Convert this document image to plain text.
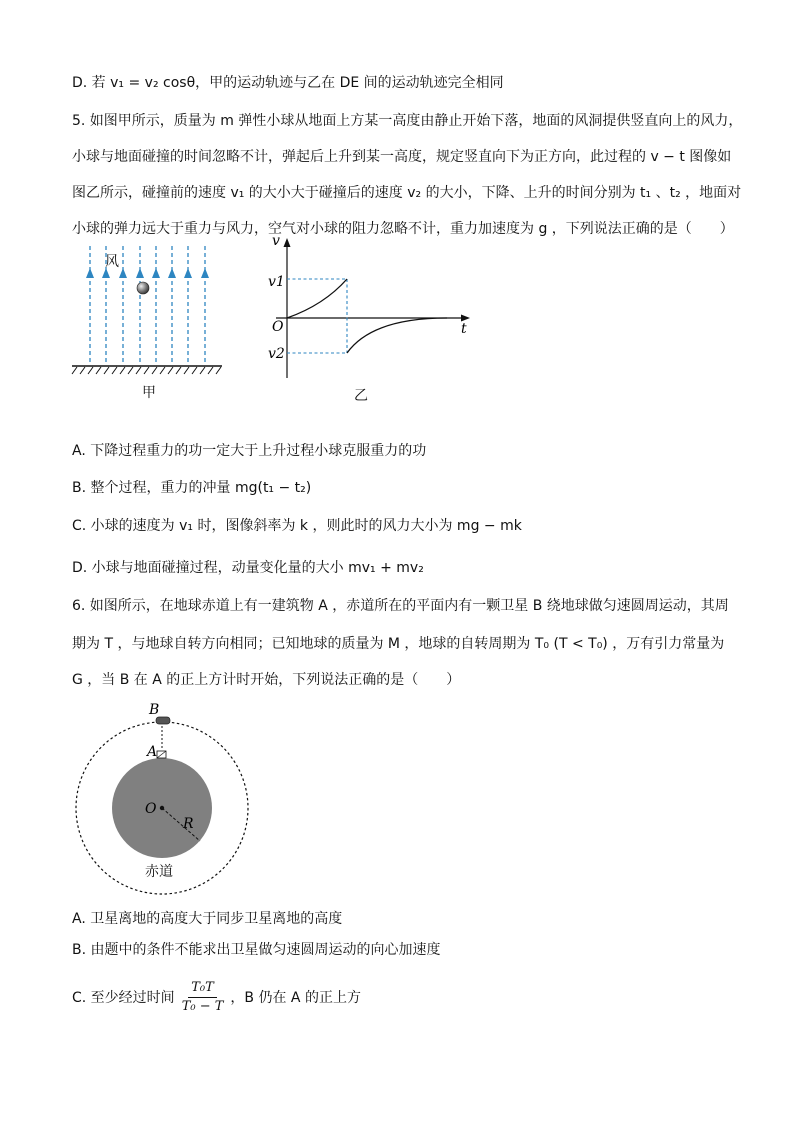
D. 若 v₁ = v₂ cosθ，甲的运动轨迹与乙在 DE 间的运动轨迹完全相同
5. 如图甲所示，质量为 m 弹性小球从地面上方某一高度由静止开始下落，地面的风洞提供竖直向上的风力，
小球与地面碰撞的时间忽略不计，弹起后上升到某一高度，规定竖直向下为正方向，此过程的 v − t 图像如
图乙所示，碰撞前的速度 v₁ 的大小大于碰撞后的速度 v₂ 的大小，下降、上升的时间分别为 t₁ 、t₂ ，地面对
小球的弹力远大于重力与风力，空气对小球的阻力忽略不计，重力加速度为 g ，下列说法正确的是（　　）
风
甲
v
t
O
v1
v2
乙
A. 下降过程重力的功一定大于上升过程小球克服重力的功
B. 整个过程，重力的冲量 mg(t₁ − t₂)
C. 小球的速度为 v₁ 时，图像斜率为 k ，则此时的风力大小为 mg − mk
D. 小球与地面碰撞过程，动量变化量的大小 mv₁ + mv₂
6. 如图所示，在地球赤道上有一建筑物 A ，赤道所在的平面内有一颗卫星 B 绕地球做匀速圆周运动，其周
期为 T ，与地球自转方向相同；已知地球的质量为 M ，地球的自转周期为 T₀ (T < T₀) ，万有引力常量为
G ，当 B 在 A 的正上方计时开始，下列说法正确的是（　　）
B
A
O
R
赤道
A. 卫星离地的高度大于同步卫星离地的高度
B. 由题中的条件不能求出卫星做匀速圆周运动的向心加速度
C. 至少经过时间 $\frac{\text{T₀T}}{\text{T₀ − T}}$ ，B 仍在 A 的正上方
